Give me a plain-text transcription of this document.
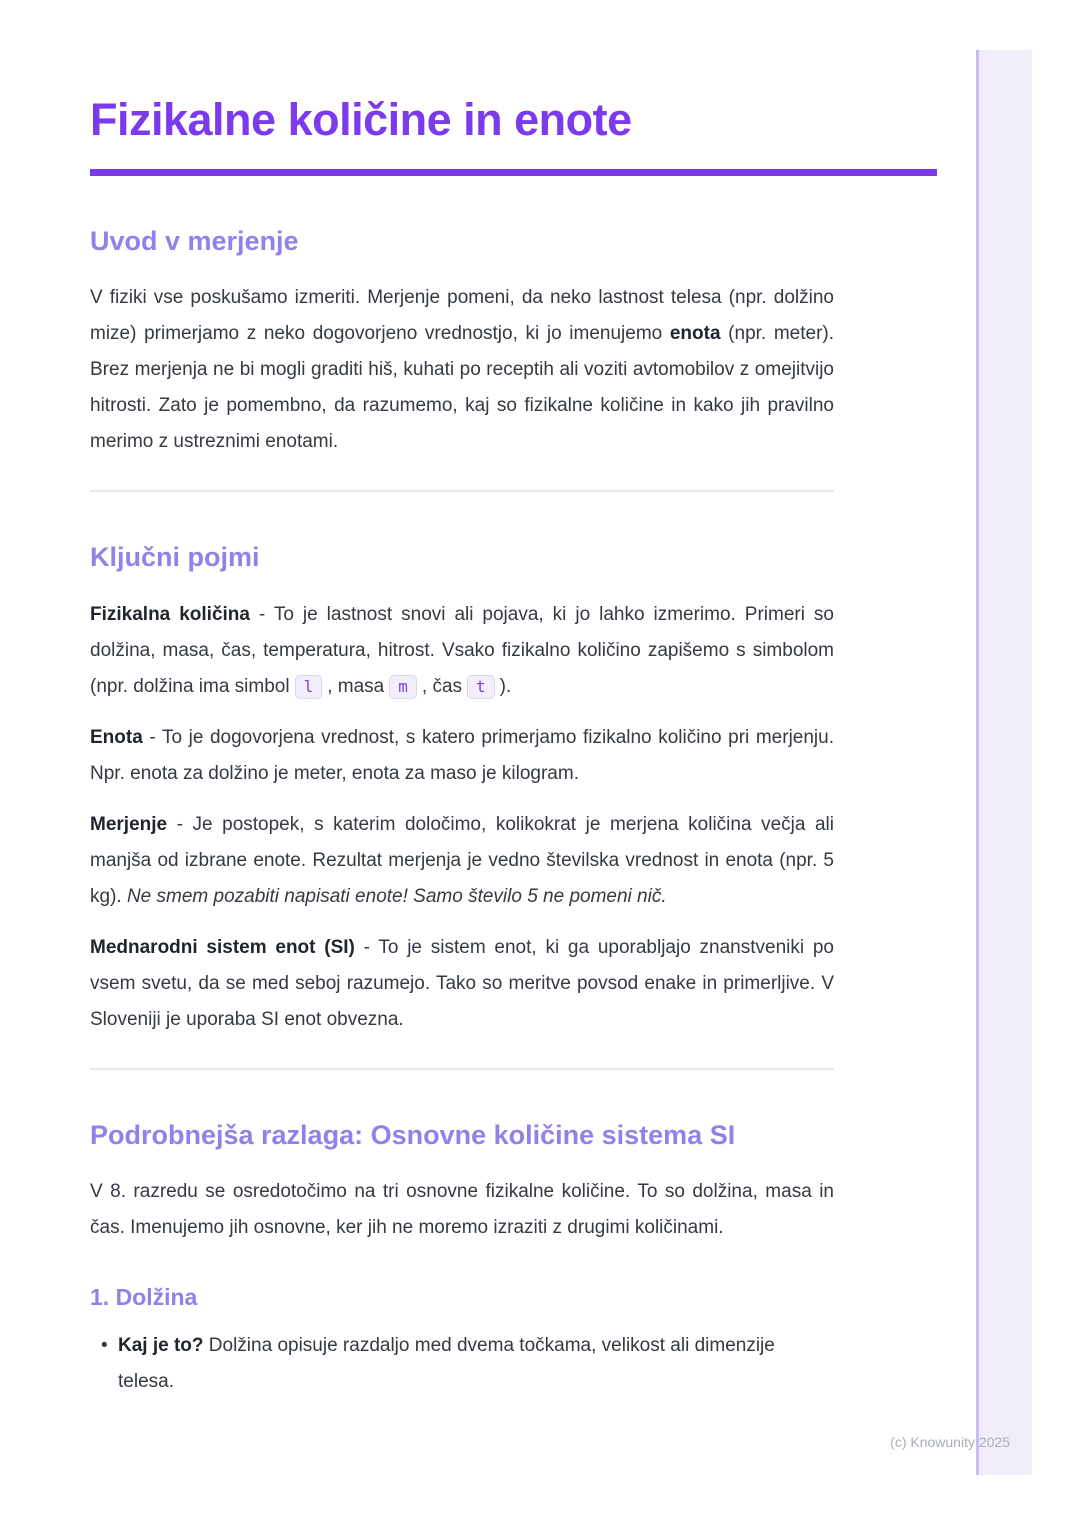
(c) Knowunity 2025
Fizikalne količine in enote
Uvod v merjenje

V fiziki vse poskušamo izmeriti. Merjenje pomeni, da neko lastnost telesa (npr. dolžino mize) primerjamo z neko dogovorjeno vrednostjo, ki jo imenujemo enota (npr. meter). Brez merjenja ne bi mogli graditi hiš, kuhati po receptih ali voziti avtomobilov z omejitvijo hitrosti. Zato je pomembno, da razumemo, kaj so fizikalne količine in kako jih pravilno merimo z ustreznimi enotami.

Ključni pojmi

Fizikalna količina - To je lastnost snovi ali pojava, ki jo lahko izmerimo. Primeri so dolžina, masa, čas, temperatura, hitrost. Vsako fizikalno količino zapišemo s simbolom (npr. dolžina ima simbol l , masa m , čas t ).

Enota - To je dogovorjena vrednost, s katero primerjamo fizikalno količino pri merjenju. Npr. enota za dolžino je meter, enota za maso je kilogram.

Merjenje - Je postopek, s katerim določimo, kolikokrat je merjena količina večja ali manjša od izbrane enote. Rezultat merjenja je vedno številska vrednost in enota (npr. 5 kg). Ne smem pozabiti napisati enote! Samo število 5 ne pomeni nič.

Mednarodni sistem enot (SI) - To je sistem enot, ki ga uporabljajo znanstveniki po vsem svetu, da se med seboj razumejo. Tako so meritve povsod enake in primerljive. V Sloveniji je uporaba SI enot obvezna.

Podrobnejša razlaga: Osnovne količine sistema SI

V 8. razredu se osredotočimo na tri osnovne fizikalne količine. To so dolžina, masa in čas. Imenujemo jih osnovne, ker jih ne moremo izraziti z drugimi količinami.

1. Dolžina
• Kaj je to? Dolžina opisuje razdaljo med dvema točkama, velikost ali dimenzije telesa.
